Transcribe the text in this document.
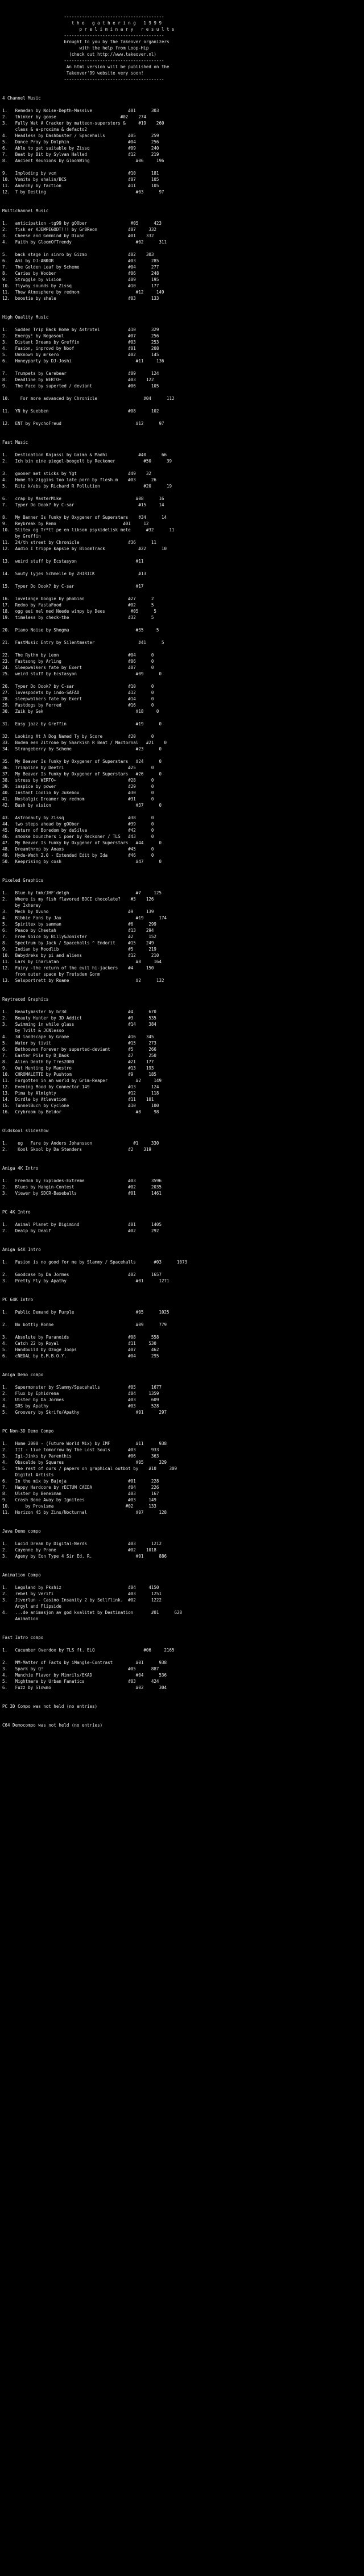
---------------------------------------
t h e   g a t h e r i n g   1 9 9 9
p r e l i m i n a r y   r e s u l t s
---------------------------------------
brought to you by the Takeover organizers
with the help from Loop-Hip
(check out http://www.takeover.nl)
---------------------------------------
An html version will be published on the
Takeover'99 website very soon!
---------------------------------------

4 Channel Music

1.   Remedan by Noise-Depth-Massive              #01      303
2.   thinker by goose                         #02    274
3.   Fully Wat A Cracker by matteon-supersters &     #19    260
class & a-proxima & defacto2
4.   Headless by Dashbuster / Spacehalls         #05      259
5.   Dance Pray by Dolphin                       #04      256
6.   Able to get suitable by Zissq               #09      240
7.   Beat by Bit by Sylvan Halled                #12      219
8.   Ancient Reunions by GloomWing                  #06     196
9.   Imploding by vcm                            #10      181
10.  Vomits by shalin/BCS                        #07      105
11.  Anarchy by faction                          #11      105
12.  7 by Desting                                   #03      97

Multichannel Music

1.   anticipation -tg99 by gOOber                 #05      423
2.   fisk er KJEMPEGODT!!! by Gr8Reon            #07     332
3.   Cheese and Gemmind by Dixan                 #01    332
4.   Faith by GloomOfTrendy                         #02      311
5.   back stage in sinro by Gizmo                #02    303
6.   Ami by DJ-ANKOR                             #03      285
7.   The Golden Leaf by Scheme                   #04      277
8.   Caries by Woober                            #06      248
9.   Struggle by vision                          #09      195
10.  flyway sounds by Zissq                      #10      177
11.  Thew Atmosphere by redmom                      #12     149
12.  boostie by shale                            #03      133

High Quality Music

1.   Sudden Trip Back Home by Astrotel           #10      329
2.   Energy! by Negasoul                         #07      256
3.   Distant Dreams by Greffin                   #03      253
4.   Fusion, inprovd by Noof                     #01      208
5.   Unknown by mrkero                           #02      145
6.   Honeyparty by DJ-Joshi                         #11     136
7.   Trumpets by Carebear                        #09      124
8.   Deadline by WERTO+                          #03    122
9.   The Face by superted / deviant              #06      105
10.    For more advanced by Chronicle                  #04      112
11.  YN by Suebben                               #08      102
12.  ENT by PsychoFreud                             #12      97

Fast Music

1.   Destination Kajassi by Gaima & Madhi            #40      66
2.   Ich bin eine piegel-boogelt by Reckoner           #50      39
3.   gooner met sticks by Ygt                    #49    32
4.   Home to ziggins too late porn by flesh.m    #03      26
5.   Ritz k/abs by Richard R Pollution                 #20      19
6.   crap by MasterMike                             #08      16
7.   Typer Do Dook? by C-sar                         #15     14
8.   My Banner Is Funky by Oxygener of Superstars    #34      14
9.   Reybreak by Remo                          #01     12
10.  Slitex og Tr*tt pe en liksom psykidelisk mete      #32      11
by Greffin
11.  24/th street by Chronicle                   #36      11
12.  Audio I trippe kapsie by BloomTrack             #22      10
13.  weird stuff by Ecstasyon                       #11
14.  Souty lyjes Schmelle by ZHIRICK                 #13
15.  Typer Do Dook? by C-sar                        #17
16.  lovelange boogie by phobian                 #27      2
17.  Redoo by FastaFood                          #02      5
18.  ogg eei mel med Neede wimpy by Dees          #05      5
19.  timeless by check-the                       #32      5
20.  Piano Noise by Shogma                          #35     5
21.  FastMusic Entry by Silentmaster                 #41      5
22.  The Rythm by Leon                           #04      0
23.  Fastsong by Arling                          #06      0
24.  Sleepwalkers fate by Exert                  #07      0
25.  weird stuff by Ecstasyon                       #09      0
26.  Typer Do Dook? by C-sar                     #10      0
27.  lovespodets by indo-SAFAD                   #12      0
28.  sleepwalkers fate by Exert                  #14      0
29.  Fastdogs by Ferred                          #16      0
30.  Zuik by Gek                                    #18     0
31.  Easy jazz by Greffin                           #19      0
32.  Looking At A Dog Named Ty by Score          #20      0
33.  Bodem een Zitrone by Sharkish R Beat / Mactornal   #21    0
34.  Strangeberry by Scheme                         #23      0
35.  My Beaver Is Funky by Oxygener of Superstars   #24      0
36.  Trimpline by Deetri                         #25      0
37.  My Beaver Is Funky by Oxygener of Superstars   #26      0
38.  stress by WERTO+                            #28      0
39.  inspice by power                            #29      0
40.  Instant Coolio by Jukebox                   #30      0
41.  Nostalgic Dreamer by redmom                 #31      0
42.  Bush by vision                                 #37      0
43.  Astronauty by Zissq                         #38      0
44.  two steps ahead by gOOber                   #39      0
45.  Return of Boredom by deSilva                #42      0
46.  smooke bounchers i poer by Reckoner / TLS   #43      0
47.  My Beaver Is Funky by Oxygener of Superstars   #44      0
48.  Dreamthrop by Anaxs                         #45      0
49.  Hyde-Wmdh 2.0 - Extended Edit by Ida        #46      0
50.  Keeprising by cosh                             #47      0

Pixeled Graphics

1.   Blue by tmk/JHF'delgh                          #7     125
2.   Where is my fish flavored BOCI chocolate?    #3    126
by Ixherey
3.   Mech by Avuno                               #9     139
4.   Bibbie Fans by Jax                             #19      174
5.   Spiritex by samman                          #6      299
6.   Peace by Cheetah                            #13    294
7.   Free Voice by Billy&Jonister                #2      152
8.   Spectrum by Jack / Spacehalls ^ Endorit     #15    249
9.   Indian by Moodlib                           #5      219
10.  Babydreks by pi and aliens                  #12      210
11.  Lars by Charlatan                              #8     164
12.  Fairy -the return of the evil hi-jackers    #4     150
from outer space by Tretsdem Gorm
13.  Selsportrett by Roane                          #2      132

Raytraced Graphics

1.   Beautymaster by br3d                        #4      670
2.   Beauty Hunter by 3D Addict                  #3      535
3.   Swimming in while glass                     #14     384
by Tvilt & JCNlesso
4.   3d landscape by Grome                       #16    345
5.   Water by tivit                              #15     273
6.   Bethooven Forever by superted-deviant       #5      266
7.   Easter Pile by D_Daok                       #7      250
8.   Alien Death by Tres2000                     #21    177
9.   Out Hunting by Maestro                      #13    193
10.  CHROMALETTE by Pushtom                      #9      185
11.  Forgotten in an world by Grim-Reaper           #2     149
12.  Evening Mood by Connector 149               #13      124
13.  Pima by Almighty                            #12      118
14.  Dirdle by Atlevation                        #11    101
15.  TunnelBuch by Cyclone                       #10      100
16.  Crybroom by Beldor                             #8     98

Oldskool slideshow

1.    eg   Fare by Anders Johansson                #1     330
2.    Kool Skool by Da Stenders                  #2    319

Amiga 4K Intro

1.   Freedom by Explodes-Extreme                 #03      3596
2.   Blues by Hangin-Contest                     #02      2035
3.   Viewer by SDCR-Baseballs                    #01      1461

PC 4K Intro

1.   Animal Planet by Digimind                   #01      1405
2.   Dealp by Dealf                              #02      292

Amiga 64K Intro

1.   Fusion is no good for me by Slammy / Spacehalls       #03      1073
2.   Goodcase by Da Jormes                       #02      1657
3.   Pretty Fly by Apathy                           #01      1271

PC 64K Intro

1.   Public Demand by Purple                        #05      1025
2.   No bottly Ronne                                #09      779
3.   Absolute by Paranoids                       #08      558
4.   Catch 22 by Royal                           #11     530
5.   Handbuild by Ozoge Joops                    #07      462
6.   cNEDAL by E.M.B.O.Y.                        #04      295

Amiga Demo compo

1.   Supermonster by Slammy/Spacehalls           #05      1677
2.   Flux by Ephidrena                           #04     1359
3.   Ulster by Da Jormes                         #03      609
4.   SRS by Apathy                               #03      528
5.   Groovery by Skrifo/Apathy                      #01      297

PC Non-3D Demo Compo

1.   Home 2000 - (Future World Mix) by IMF          #11      938
2.   III - live tomorrow by The Lost Souls       #03      933
3.   Igi-Jinks by Parenthis                      #06      363
4.   Obscalde by Squares                            #05      329
5.   the rest of ours / papers on graphical outbot by    #10     309
Digital Artists
6.   In the mix by Bajoja                        #01      228
7.   Happy Hardcore by rECTUM CAEDA              #04      226
8.   Ulster by Beneiman                          #03      167
9.   Crash Bone Away by Ignitees                 #03     149
10.      by Provisma                            #02      133
11.  Horizon 45 by Zins/Nocturnal                   #07      128

Java Demo compo

1.   Lucid Dream by Digital-Nerds                #03      1212
2.   Cayenne by Prone                            #02    1018
3.   Ageny by Eon Type 4 Sir Ed. R.                 #01      886

Animation Compo

1.   Legoland by Pkshiz                          #04     4150
2.   rebel by Verifi                             #03      1251
3.   Jiverlun - Casino Insanity 2 by Sellflink.  #02      1222
Argyl and Flipside
4.   ...de animasjon av god kvalitet by Destination       #01      628
Animation

Fast Intro compo

1.   Cucumber Overdox by TLS ft. ELQ                   #06     2165
2.   MM-Matter of Facts by iMangle-Contrast         #01      938
3.   Spark by Q!                                 #05      887
4.   Munchie Flavor by Mimrils/EKAD                 #04      536
5.   Mightmare by Urban Fanatics                 #03      424
6.   Fuzz by Slowmo                                 #02      304

PC 3D Compo was not held (no entries)

C64 Democompo was not held (no entries)
